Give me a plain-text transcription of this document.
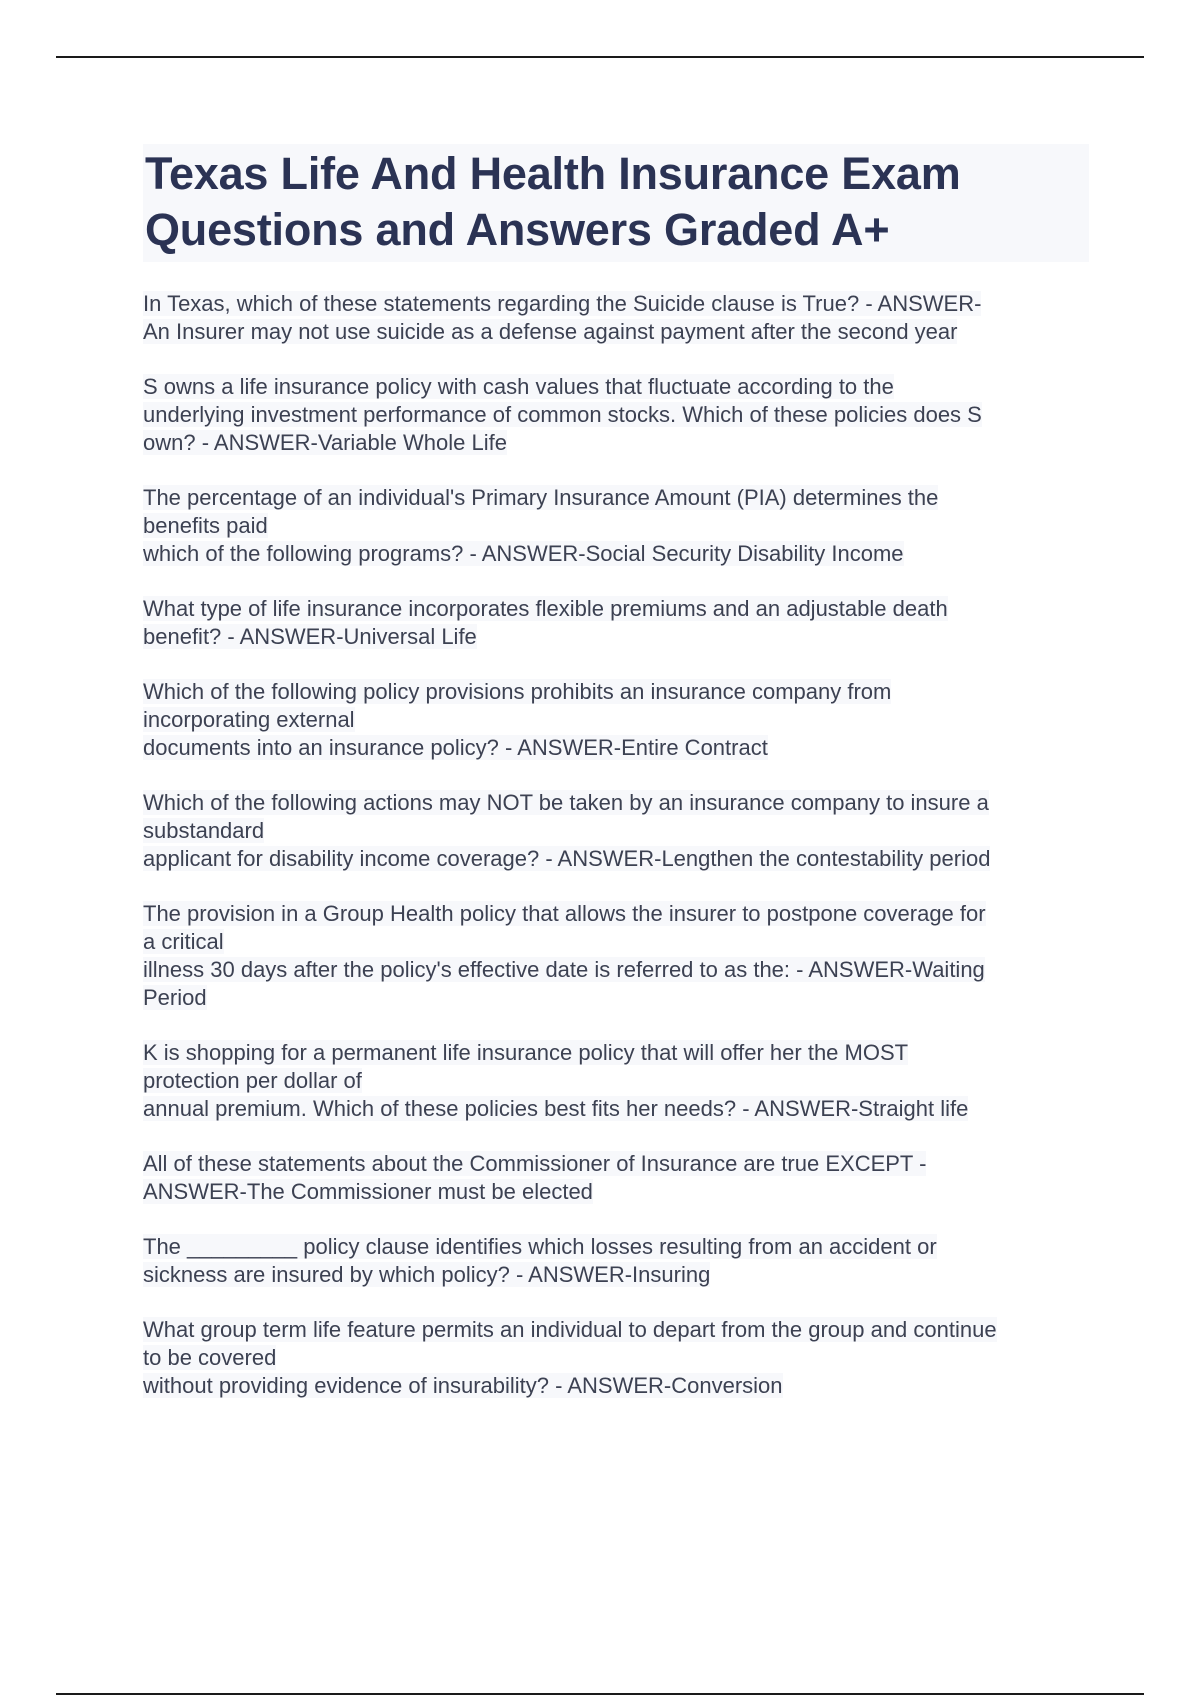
Texas Life And Health Insurance Exam
Questions and Answers Graded A+
In Texas, which of these statements regarding the Suicide clause is True? - ANSWER-
An Insurer may not use suicide as a defense against payment after the second year
S owns a life insurance policy with cash values that fluctuate according to the
underlying investment performance of common stocks. Which of these policies does S
own? - ANSWER-Variable Whole Life
The percentage of an individual's Primary Insurance Amount (PIA) determines the
benefits paid
which of the following programs? - ANSWER-Social Security Disability Income
What type of life insurance incorporates flexible premiums and an adjustable death
benefit? - ANSWER-Universal Life
Which of the following policy provisions prohibits an insurance company from
incorporating external
documents into an insurance policy? - ANSWER-Entire Contract
Which of the following actions may NOT be taken by an insurance company to insure a
substandard
applicant for disability income coverage? - ANSWER-Lengthen the contestability period
The provision in a Group Health policy that allows the insurer to postpone coverage for
a critical
illness 30 days after the policy's effective date is referred to as the: - ANSWER-Waiting
Period
K is shopping for a permanent life insurance policy that will offer her the MOST
protection per dollar of
annual premium. Which of these policies best fits her needs? - ANSWER-Straight life
All of these statements about the Commissioner of Insurance are true EXCEPT -
ANSWER-The Commissioner must be elected
The _________ policy clause identifies which losses resulting from an accident or
sickness are insured by which policy? - ANSWER-Insuring
What group term life feature permits an individual to depart from the group and continue
to be covered
without providing evidence of insurability? - ANSWER-Conversion
